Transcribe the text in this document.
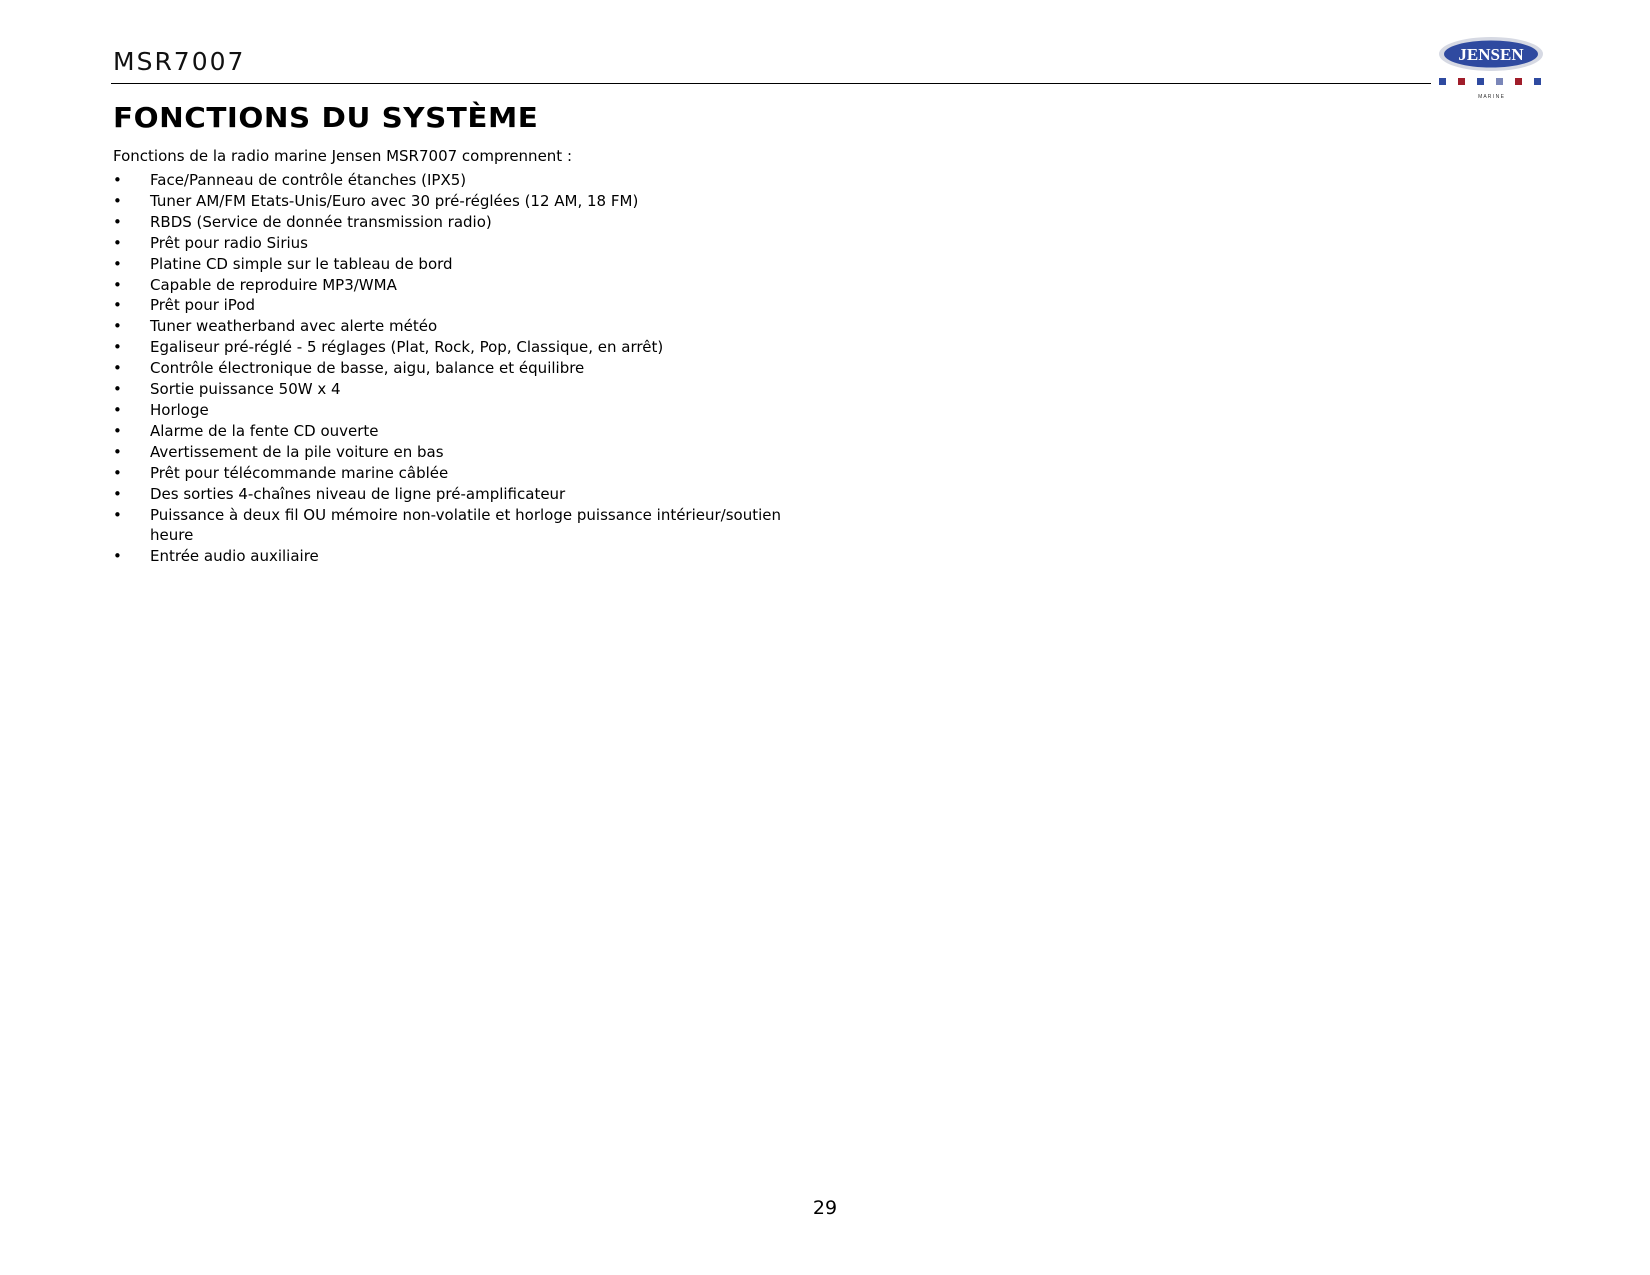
MSR7007	JENSEN
M A R I N E
FONCTIONS DU SYSTÈME

Fonctions de la radio marine Jensen MSR7007 comprennent :

• Face/Panneau de contrôle étanches (IPX5)
• Tuner AM/FM Etats-Unis/Euro avec 30 pré-réglées (12 AM, 18 FM)
• RBDS (Service de donnée transmission radio)
• Prêt pour radio Sirius
• Platine CD simple sur le tableau de bord
• Capable de reproduire MP3/WMA
• Prêt pour iPod
• Tuner weatherband avec alerte météo
• Egaliseur pré-réglé - 5 réglages (Plat, Rock, Pop, Classique, en arrêt)
• Contrôle électronique de basse, aigu, balance et équilibre
• Sortie puissance 50W x 4
• Horloge
• Alarme de la fente CD ouverte
• Avertissement de la pile voiture en bas
• Prêt pour télécommande marine câblée
• Des sorties 4-chaînes niveau de ligne pré-amplificateur
• Puissance à deux fil OU mémoire non-volatile et horloge puissance intérieur/soutien heure
• Entrée audio auxiliaire
29
